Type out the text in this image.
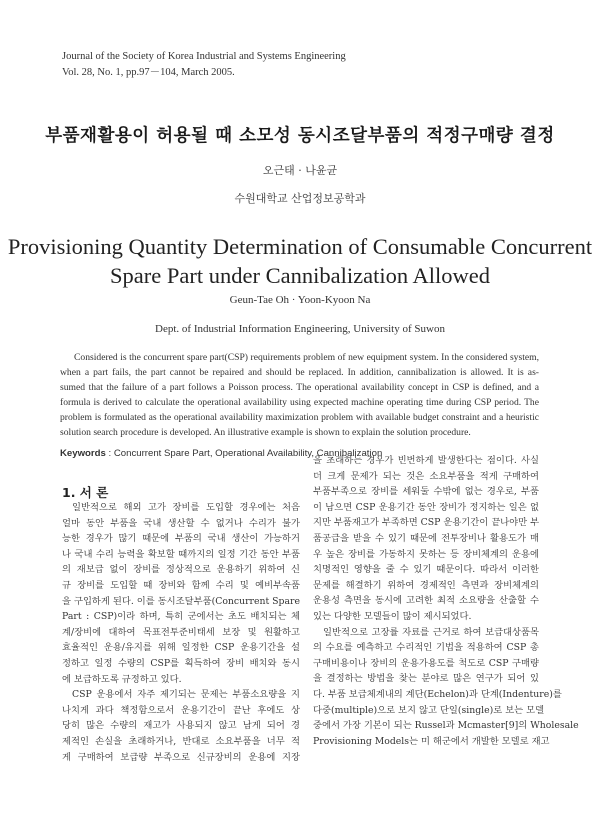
Journal of the Society of Korea Industrial and Systems Engineering
Vol. 28, No. 1, pp.97－104, March 2005.
부품재활용이 허용될 때 소모성 동시조달부품의 적정구매량 결정
오근태 · 나윤균
수원대학교 산업정보공학과
Provisioning Quantity Determination of Consumable Concurrent
Spare Part under Cannibalization Allowed
Geun-Tae Oh · Yoon-Kyoon Na
Dept. of Industrial Information Engineering, University of Suwon
Considered is the concurrent spare part(CSP) requirements problem of new equipment system. In the considered system,
when a part fails, the part cannot be repaired and should be replaced. In addition, cannibalization is allowed. It is as-
sumed that the failure of a part follows a Poisson process. The operational availability concept in CSP is defined, and a
formula is derived to calculate the operational availability using expected machine operating time during CSP period. The
problem is formulated as the operational availability maximization problem with available budget constraint and a heuristic
solution search procedure is developed. An illustrative example is shown to explain the solution procedure.
Keywords : Concurrent Spare Part, Operational Availability, Cannibalization
1. 서 론
일반적으로 해외 고가 장비를 도입할 경우에는 처음
얼마 동안 부품을 국내 생산할 수 없거나 수리가 불가
능한 경우가 많기 때문에 부품의 국내 생산이 가능하거
나 국내 수리 능력을 확보할 때까지의 일정 기간 동안 부품
의 재보급 없이 장비를 정상적으로 운용하기 위하여 신
규 장비를 도입할 때 장비와 함께 수리 및 예비부속품
을 구입하게 된다. 이를 동시조달부품(Concurrent Spare
Part : CSP)이라 하며, 특히 군에서는 초도 배치되는 체
계/장비에 대하여 목표전투준비태세 보장 및 원활하고
효율적인 운용/유지를 위해 일정한 CSP 운용기간을 설
정하고 일정 수량의 CSP를 획득하여 장비 배치와 동시
에 보급하도록 규정하고 있다.
CSP 운용에서 자주 제기되는 문제는 부품소요량을 지
나치게 과다 책정함으로서 운용기간이 끝난 후에도 상
당히 많은 수량의 재고가 사용되지 않고 남게 되어 경
제적인 손실을 초래하거나, 반대로 소요부품을 너무 적
게 구매하여 보급량 부족으로 신규장비의 운용에 지장
을 초래하는 경우가 빈번하게 발생한다는 점이다. 사실
더 크게 문제가 되는 것은 소요부품을 적게 구매하여
부품부족으로 장비를 세워둘 수밖에 없는 경우로, 부품
이 남으면 CSP 운용기간 동안 장비가 정지하는 일은 없
지만 부품재고가 부족하면 CSP 운용기간이 끝나야만 부
품공급을 받을 수 있기 때문에 전투장비나 활용도가 매
우 높은 장비를 가동하지 못하는 등 장비체계의 운용에
치명적인 영향을 줄 수 있기 때문이다. 따라서 이러한
문제를 해결하기 위하여 경제적인 측면과 장비체계의
운용성 측면을 동시에 고려한 최적 소요량을 산출할 수
있는 다양한 모델들이 많이 제시되었다.
일반적으로 고장률 자료를 근거로 하여 보급대상품목
의 수요를 예측하고 수리적인 기법을 적용하여 CSP 총
구매비용이나 장비의 운용가용도를 척도로 CSP 구매량
을 결정하는 방법을 찾는 분야로 많은 연구가 되어 있
다. 부품 보급체계내의 계단(Echelon)과 단계(Indenture)를
다중(multiple)으로 보지 않고 단일(single)로 보는 모델
중에서 가장 기본이 되는 Russel과 Mcmaster[9]의 Wholesale
Provisioning Models는 미 해군에서 개발한 모델로 재고
